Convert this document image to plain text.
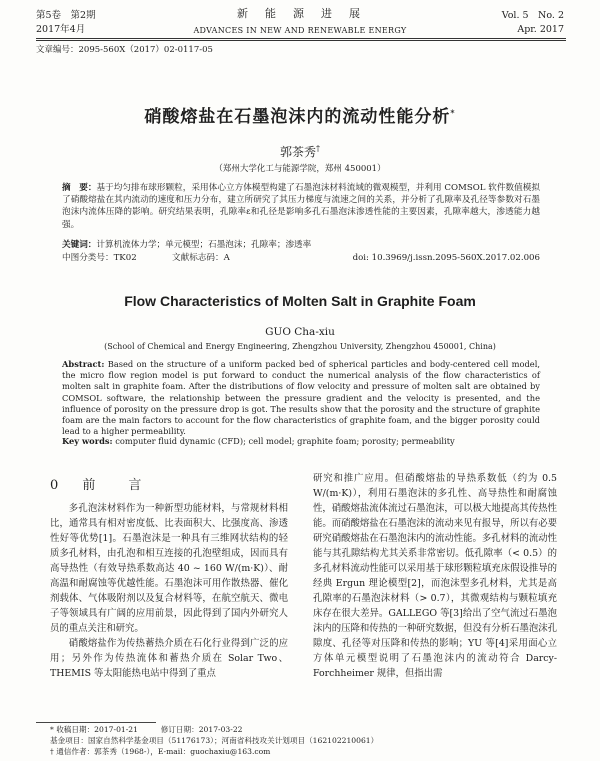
第5卷　第2期
2017年4月
新　能　源　进　展
ADVANCES IN NEW AND RENEWABLE ENERGY
Vol. 5　No. 2
Apr. 2017
文章编号：2095-560X（2017）02-0117-05
硝酸熔盐在石墨泡沫内的流动性能分析*
郭茶秀†
（郑州大学化工与能源学院，郑州 450001）
摘　要：基于均匀排布球形颗粒，采用体心立方体模型构建了石墨泡沫材料流域的微观模型，并利用 COMSOL 软件数值模拟了硝酸熔盐在其内流动的速度和压力分布，建立所研究了其压力梯度与流速之间的关系，并分析了孔隙率及孔径等参数对石墨泡沫内流体压降的影响。研究结果表明，孔隙率ε和孔径是影响多孔石墨泡沫渗透性能的主要因素，孔隙率越大，渗透能力越强。
关键词：计算机流体力学；单元模型；石墨泡沫；孔隙率；渗透率
中图分类号：TK02	文献标志码：A	doi: 10.3969/j.issn.2095-560X.2017.02.006
Flow Characteristics of Molten Salt in Graphite Foam
GUO Cha-xiu
(School of Chemical and Energy Engineering, Zhengzhou University, Zhengzhou 450001, China)
Abstract: Based on the structure of a uniform packed bed of spherical particles and body-centered cell model, the micro flow region model is put forward to conduct the numerical analysis of the flow characteristics of molten salt in graphite foam. After the distributions of flow velocity and pressure of molten salt are obtained by COMSOL software, the relationship between the pressure gradient and the velocity is presented, and the influence of porosity on the pressure drop is got. The results show that the porosity and the structure of graphite foam are the main factors to account for the flow characteristics of graphite foam, and the bigger porosity could lead to a higher permeability.
Key words: computer fluid dynamic (CFD); cell model; graphite foam; porosity; permeability
0 前　言

多孔泡沫材料作为一种新型功能材料，与常规材料相比，通常具有相对密度低、比表面积大、比强度高、渗透性好等优势[1]。石墨泡沫是一种具有三维网状结构的轻质多孔材料，由孔泡和相互连接的孔泡壁组成，因而具有高导热性（有效导热系数高达 40 ~ 160 W/(m·K)）、耐高温和耐腐蚀等优越性能。石墨泡沫可用作散热器、催化剂载体、气体吸附剂以及复合材料等，在航空航天、微电子等领域具有广阔的应用前景，因此得到了国内外研究人员的重点关注和研究。

硝酸熔盐作为传热蓄热介质在石化行业得到广泛的应用；另外作为传热流体和蓄热介质在 Solar Two、THEMIS 等太阳能热电站中得到了重点

研究和推广应用。但硝酸熔盐的导热系数低（约为 0.5 W/(m·K)），利用石墨泡沫的多孔性、高导热性和耐腐蚀性，硝酸熔盐流体流过石墨泡沫，可以极大地提高其传热性能。而硝酸熔盐在石墨泡沫的流动来见有报导，所以有必要研究硝酸熔盐在石墨泡沫内的流动性能。多孔材料的流动性能与其孔隙结构尤其关系非常密切。低孔隙率（< 0.5）的多孔材料流动性能可以采用基于球形颗粒填充床假设推导的经典 Ergun 理论模型[2]，而泡沫型多孔材料，尤其是高孔隙率的石墨泡沫材料（> 0.7），其微观结构与颗粒填充床存在很大差异。GALLEGO 等[3]给出了空气流过石墨泡沫内的压降和传热的一种研究数据，但没有分析石墨泡沫孔隙度、孔径等对压降和传热的影响；YU 等[4]采用面心立方体单元模型说明了石墨泡沫内的流动符合 Darcy-Forchheimer 规律，但指出需

* 收稿日期：2017-01-21　　　修订日期：2017-03-22
基金项目：国家自然科学基金项目（51176173）；河南省科技攻关计划项目（162102210061）
† 通信作者：郭茶秀（1968-），E-mail：guochaxiu@163.com
